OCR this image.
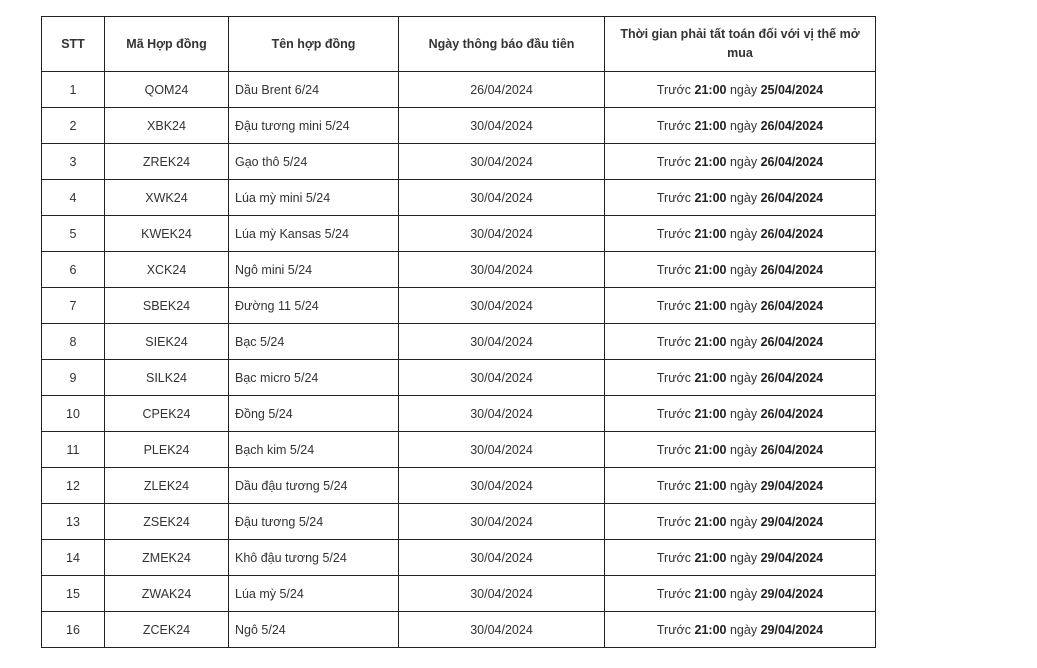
STT	Mã Hợp đồng	Tên hợp đồng	Ngày thông báo đầu tiên	Thời gian phải tất toán đối với vị thế mở mua
1	QOM24	Dầu Brent 6/24	26/04/2024	Trước 21:00 ngày 25/04/2024
2	XBK24	Đậu tương mini 5/24	30/04/2024	Trước 21:00 ngày 26/04/2024
3	ZREK24	Gạo thô 5/24	30/04/2024	Trước 21:00 ngày 26/04/2024
4	XWK24	Lúa mỳ mini 5/24	30/04/2024	Trước 21:00 ngày 26/04/2024
5	KWEK24	Lúa mỳ Kansas 5/24	30/04/2024	Trước 21:00 ngày 26/04/2024
6	XCK24	Ngô mini 5/24	30/04/2024	Trước 21:00 ngày 26/04/2024
7	SBEK24	Đường 11 5/24	30/04/2024	Trước 21:00 ngày 26/04/2024
8	SIEK24	Bạc 5/24	30/04/2024	Trước 21:00 ngày 26/04/2024
9	SILK24	Bạc micro 5/24	30/04/2024	Trước 21:00 ngày 26/04/2024
10	CPEK24	Đồng 5/24	30/04/2024	Trước 21:00 ngày 26/04/2024
11	PLEK24	Bạch kim 5/24	30/04/2024	Trước 21:00 ngày 26/04/2024
12	ZLEK24	Dầu đậu tương 5/24	30/04/2024	Trước 21:00 ngày 29/04/2024
13	ZSEK24	Đậu tương 5/24	30/04/2024	Trước 21:00 ngày 29/04/2024
14	ZMEK24	Khô đậu tương 5/24	30/04/2024	Trước 21:00 ngày 29/04/2024
15	ZWAK24	Lúa mỳ 5/24	30/04/2024	Trước 21:00 ngày 29/04/2024
16	ZCEK24	Ngô 5/24	30/04/2024	Trước 21:00 ngày 29/04/2024
